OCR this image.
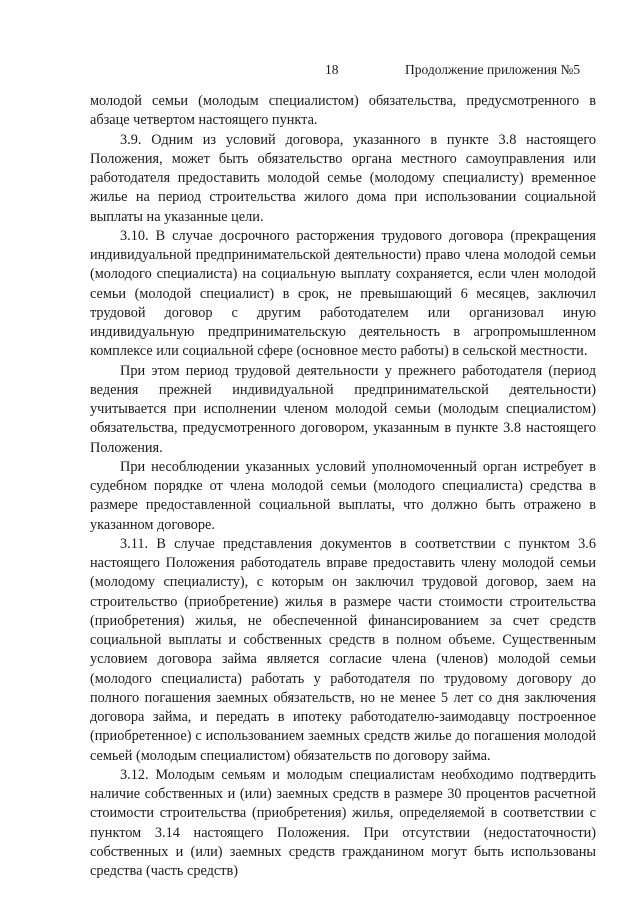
18	Продолжение приложения №5

молодой семьи (молодым специалистом) обязательства, предусмотренного в абзаце четвертом настоящего пункта.

3.9. Одним из условий договора, указанного в пункте 3.8 настоящего Положения, может быть обязательство органа местного самоуправления или работодателя предоставить молодой семье (молодому специалисту) временное жилье на период строительства жилого дома при использовании социальной выплаты на указанные цели.

3.10. В случае досрочного расторжения трудового договора (прекращения индивидуальной предпринимательской деятельности) право члена молодой семьи (молодого специалиста) на социальную выплату сохраняется, если член молодой семьи (молодой специалист) в срок, не превышающий 6 месяцев, заключил трудовой договор с другим работодателем или организовал иную индивидуальную предпринимательскую деятельность в агропромышленном комплексе или социальной сфере (основное место работы) в сельской местности.

При этом период трудовой деятельности у прежнего работодателя (период ведения прежней индивидуальной предпринимательской деятельности) учитывается при исполнении членом молодой семьи (молодым специалистом) обязательства, предусмотренного договором, указанным в пункте 3.8 настоящего Положения.

При несоблюдении указанных условий уполномоченный орган истребует в судебном порядке от члена молодой семьи (молодого специалиста) средства в размере предоставленной социальной выплаты, что должно быть отражено в указанном договоре.

3.11. В случае представления документов в соответствии с пунктом 3.6 настоящего Положения работодатель вправе предоставить члену молодой семьи (молодому специалисту), с которым он заключил трудовой договор, заем на строительство (приобретение) жилья в размере части стоимости строительства (приобретения) жилья, не обеспеченной финансированием за счет средств социальной выплаты и собственных средств в полном объеме. Существенным условием договора займа является согласие члена (членов) молодой семьи (молодого специалиста) работать у работодателя по трудовому договору до полного погашения заемных обязательств, но не менее 5 лет со дня заключения договора займа, и передать в ипотеку работодателю-заимодавцу построенное (приобретенное) с использованием заемных средств жилье до погашения молодой семьей (молодым специалистом) обязательств по договору займа.

3.12. Молодым семьям и молодым специалистам необходимо подтвердить наличие собственных и (или) заемных средств в размере 30 процентов расчетной стоимости строительства (приобретения) жилья, определяемой в соответствии с пунктом 3.14 настоящего Положения. При отсутствии (недостаточности) собственных и (или) заемных средств гражданином могут быть использованы средства (часть средств)
